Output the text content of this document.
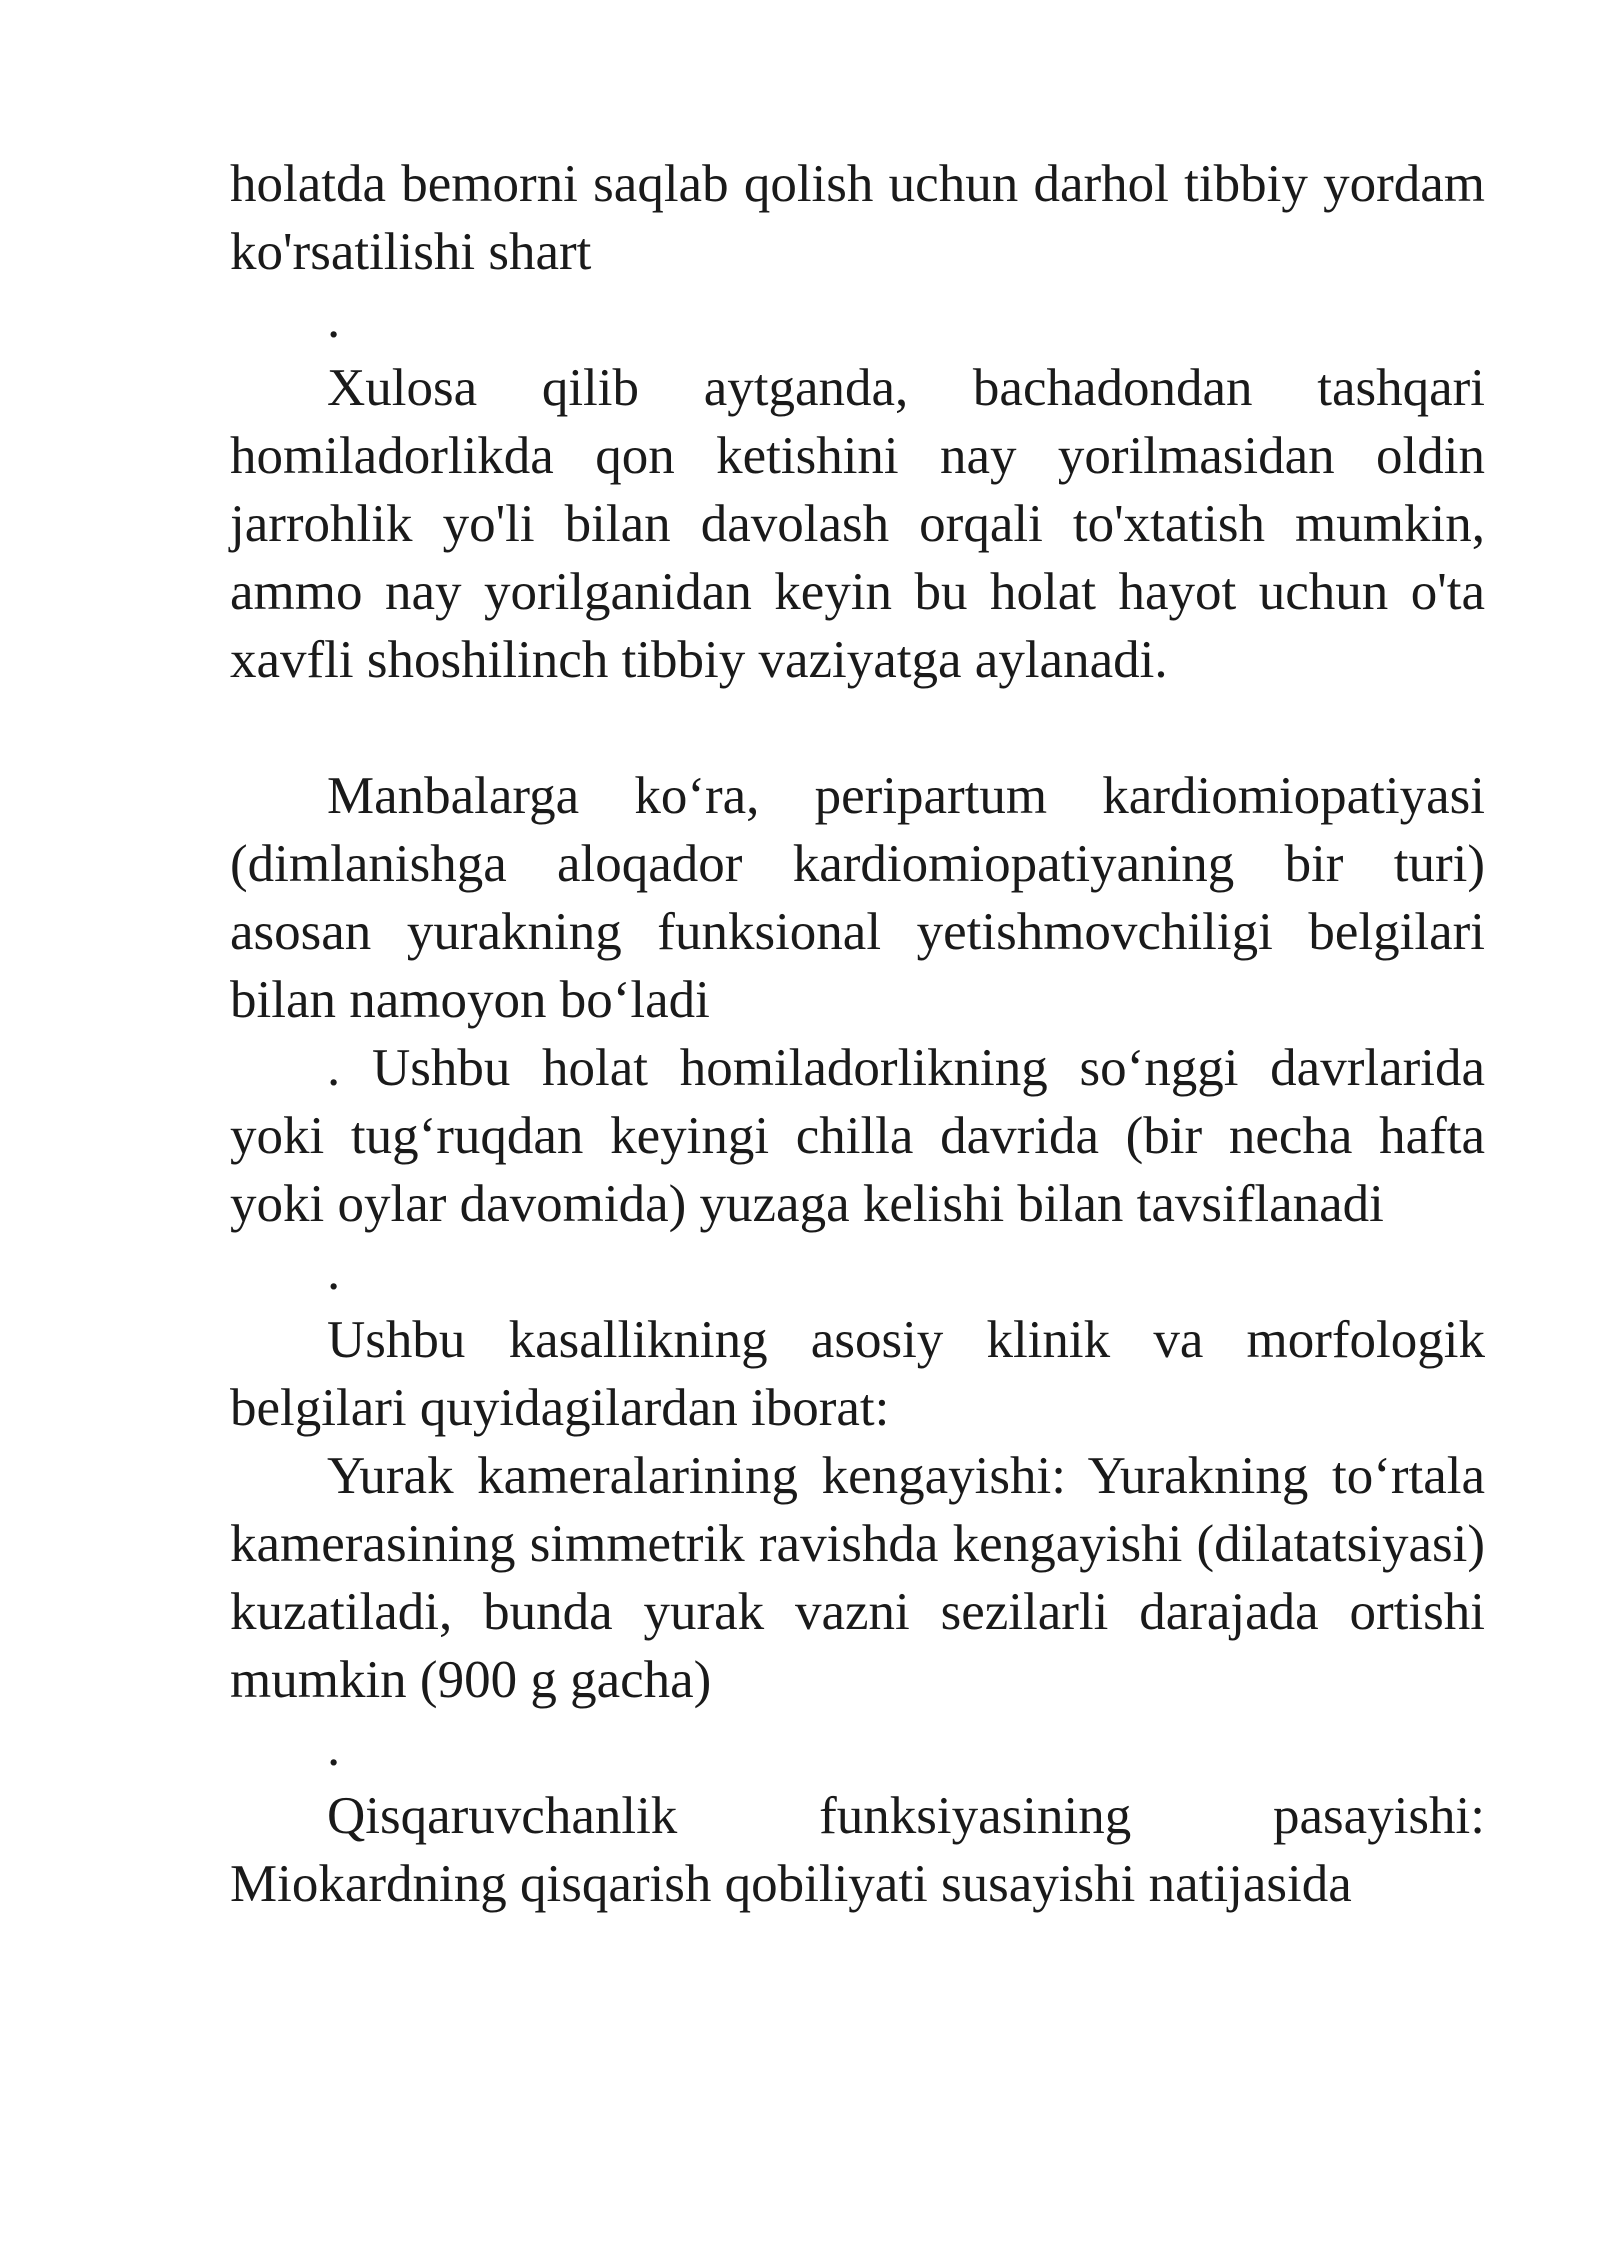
holatda bemorni saqlab qolish uchun darhol tibbiy yordam ko'rsatilishi shart

.

Xulosa qilib aytganda, bachadondan tashqari homiladorlikda qon ketishini nay yorilmasidan oldin jarrohlik yo'li bilan davolash orqali to'xtatish mumkin, ammo nay yorilganidan keyin bu holat hayot uchun o'ta xavfli shoshilinch tibbiy vaziyatga aylanadi.

Manbalarga ko‘ra, peripartum kardiomiopatiyasi (dimlanishga aloqador kardiomiopatiyaning bir turi) asosan yurakning funksional yetishmovchiligi belgilari bilan namoyon bo‘ladi

. Ushbu holat homiladorlikning so‘nggi davrlarida yoki tug‘ruqdan keyingi chilla davrida (bir necha hafta yoki oylar davomida) yuzaga kelishi bilan tavsiflanadi

.

Ushbu kasallikning asosiy klinik va morfologik belgilari quyidagilardan iborat:

Yurak kameralarining kengayishi: Yurakning to‘rtala kamerasining simmetrik ravishda kengayishi (dilatatsiyasi) kuzatiladi, bunda yurak vazni sezilarli darajada ortishi mumkin (900 g gacha)

.

Qisqaruvchanlik funksiyasining pasayishi: Miokardning qisqarish qobiliyati susayishi natijasida
